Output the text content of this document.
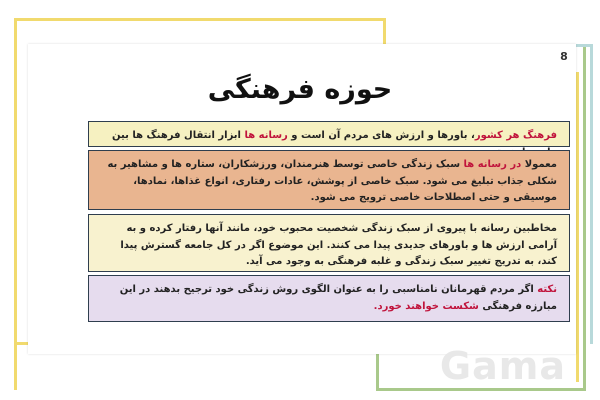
8
حوزه فرهنگی
فرهنگ هر کشور، باورها و ارزش های مردم آن است و رسانه ها ابزار انتقال فرهنگ ها بین
معمولا در رسانه ها سبک زندگی خاصی توسط هنرمندان، ورزشکاران، ستاره ها و مشاهیر به شکلی جذاب تبلیغ می شود. سبک خاصی از پوشش، عادات رفتاری، انواع غذاها، نمادها، موسیقی و حتی اصطلاحات خاصی ترویج می شود.
مخاطبین رسانه با پیروی از سبک زندگی شخصیت محبوب خود، مانند آنها رفتار کرده و به آرامی ارزش ها و باورهای جدیدی پیدا می کنند. این موضوع اگر در کل جامعه گسترش پیدا کند، به تدریج تغییر سبک زندگی و غلبه فرهنگی به وجود می آید.
نکته اگر مردم قهرمانان نامناسبی را به عنوان الگوی روش زندگی خود ترجیح بدهند در این مبارزه فرهنگی شکست خواهند خورد.
Gama
